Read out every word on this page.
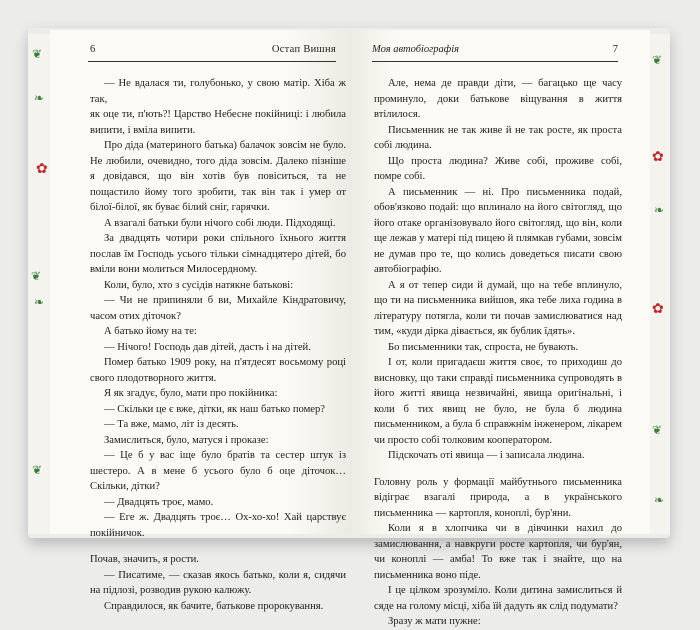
❦
❧
✿
❦
❧
❦
❦
✿
❧
✿
❦
❧
6	Остап Вишня

— Не вдалася ти, голубонько, у свою матір. Хіба ж так,

як оце ти, п'ють?! Царство Небесне покійниці: і любила випити, і вміла випити.

Про діда (материного батька) балачок зовсім не було. Не любили, очевидно, того діда зовсім. Далеко пізніше я довідався, що він хотів був повіситься, та не пощастило йому того зробити, так він так і умер от білої-білої, як буває білий сніг, гарячки.

А взагалі батьки були нічого собі люди. Підходящі.

За двадцять чотири роки спільного їхнього життя послав їм Господь усього тільки сімнадцятеро дітей, бо вміли вони молиться Милосердному.

Коли, було, хто з сусідів натякне батькові:

— Чи не припиняли б ви, Михайле Кіндратовичу, часом отих діточок?

А батько йому на те:

— Нічого! Господь дав дітей, дасть і на дітей.

Помер батько 1909 року, на п'ятдесят восьмому році свого плодотворного життя.

Я як згадує, було, мати про покійника:

— Скільки це є вже, дітки, як наш батько помер?

— Та вже, мамо, літ із десять.

Замислиться, було, матуся і проказе:

— Це б у вас іще було братів та сестер штук із шестеро. А в мене б усього було б оце діточок… Скільки, дітки?

— Двадцять троє, мамо.

— Еге ж. Двадцять троє… Ох-хо-хо! Хай царствує покійничок.

Почав, значить, я рости.

— Писатиме, — сказав якось батько, коли я, сидячи на підлозі, розводив рукою калюжу.

Справдилося, як бачите, батькове пророкування.

Моя автобіографія	7

Але, нема де правди діти, — багацько ще часу проминуло, доки батькове віщування в життя втілилося.

Письменник не так живе й не так росте, як проста собі людина.

Що проста людина? Живе собі, проживе собі, помре собі.

А письменник — ні. Про письменника подай, обов'язково подай: що вплинало на його світогляд, що його отаке організовувало його світогляд, що він, коли ще лежав у матері під пицею й плямкав губами, зовсім не думав про те, що колись доведеться писати свою автобіографію.

А я от тепер сиди й думай, що на тебе вплинуло, що ти на письменника вийшов, яка тебе лиха година в літературу потягла, коли ти почав замислюватися над тим, «куди дірка дівається, як бублик їдять».

Бо письменники так, спроста, не бувають.

І от, коли пригадаєш життя своє, то приходиш до висновку, що таки справді письменника супроводять в його житті явища незвичайні, явища оригінальні, і коли б тих явищ не було, не була б людина письменником, а була б справжнім інженером, лікарем чи просто собі толковим кооператором.

Підскочать оті явища — і записала людина.

Головну роль у формації майбутнього письменника відіграє взагалі природа, а в українського письменника — картопля, коноплі, бур'яни.

Коли я в хлопчика чи в дівчинки нахил до замислювання, а навкруги росте картопля, чи бур'ян, чи коноплі — амба! То вже так і знайте, що на письменника воно піде.

І це цілком зрозуміло. Коли дитина замислиться й сяде на голому місці, хіба їй дадуть як слід подумати?

Зразу ж мати пужне:
